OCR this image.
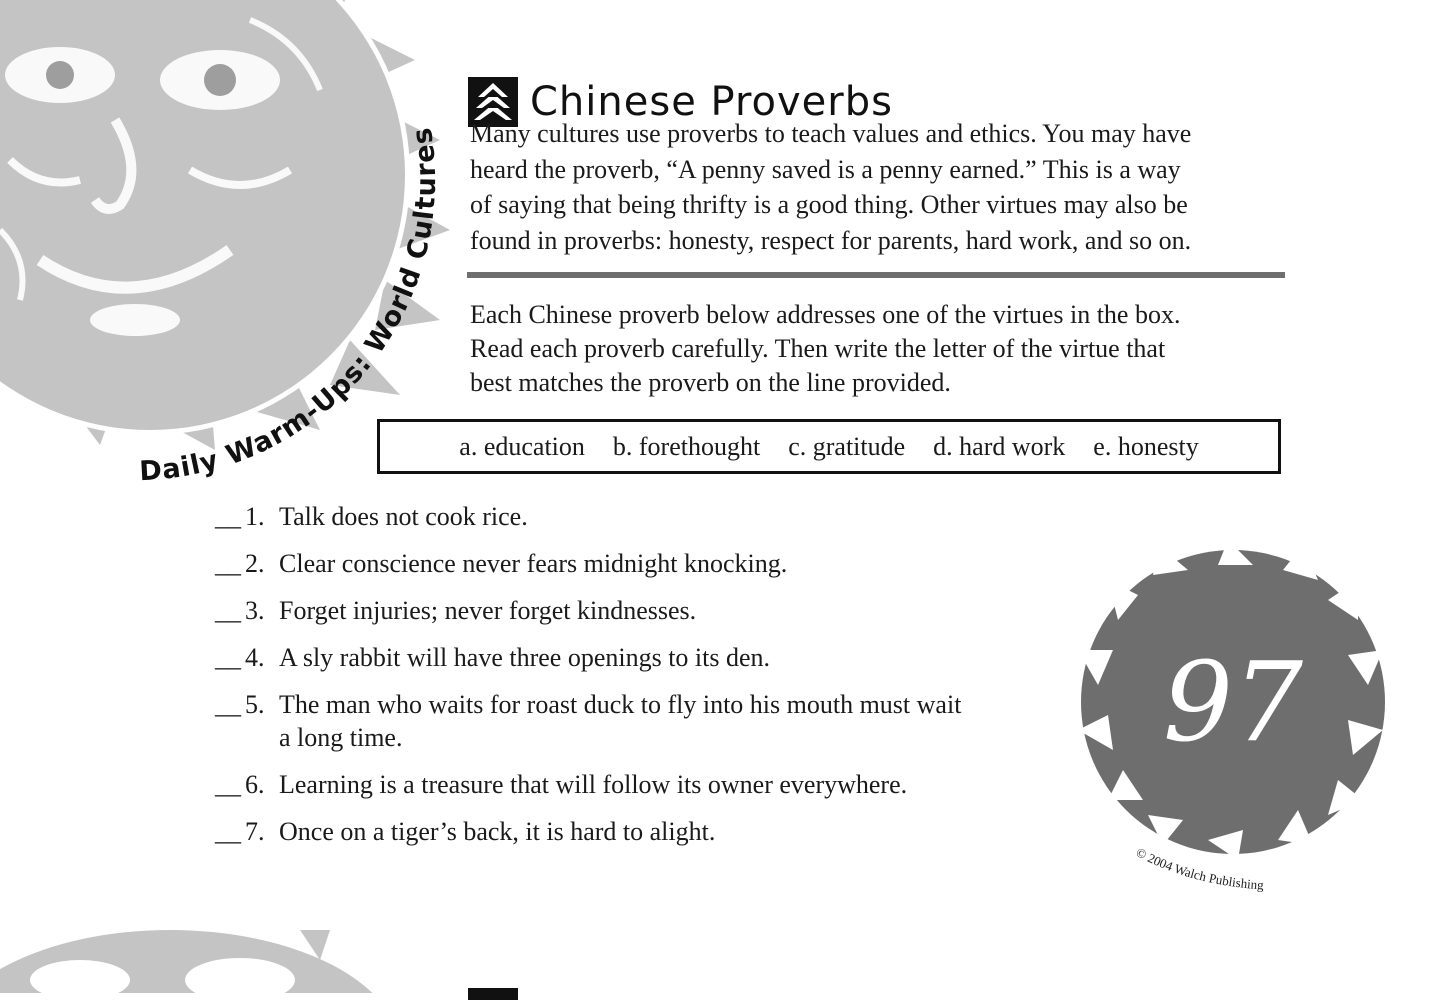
Daily Warm-Ups: World Cultures
Chinese Proverbs

Many cultures use proverbs to teach values and ethics. You may have
heard the proverb, “A penny saved is a penny earned.” This is a way
of saying that being thrifty is a good thing. Other virtues may also be
found in proverbs: honesty, respect for parents, hard work, and so on.

Each Chinese proverb below addresses one of the virtues in the box.
Read each proverb carefully. Then write the letter of the virtue that
best matches the proverb on the line provided.

a. education b. forethought c. gratitude d. hard work e. honesty
__ 1. Talk does not cook rice.
__ 2. Clear conscience never fears midnight knocking.
__ 3. Forget injuries; never forget kindnesses.
__ 4. A sly rabbit will have three openings to its den.
__ 5. The man who waits for roast duck to fly into his mouth must wait
a long time.
__ 6. Learning is a treasure that will follow its owner everywhere.
__ 7. Once on a tiger’s back, it is hard to alight.
97
© 2004 Walch Publishing
